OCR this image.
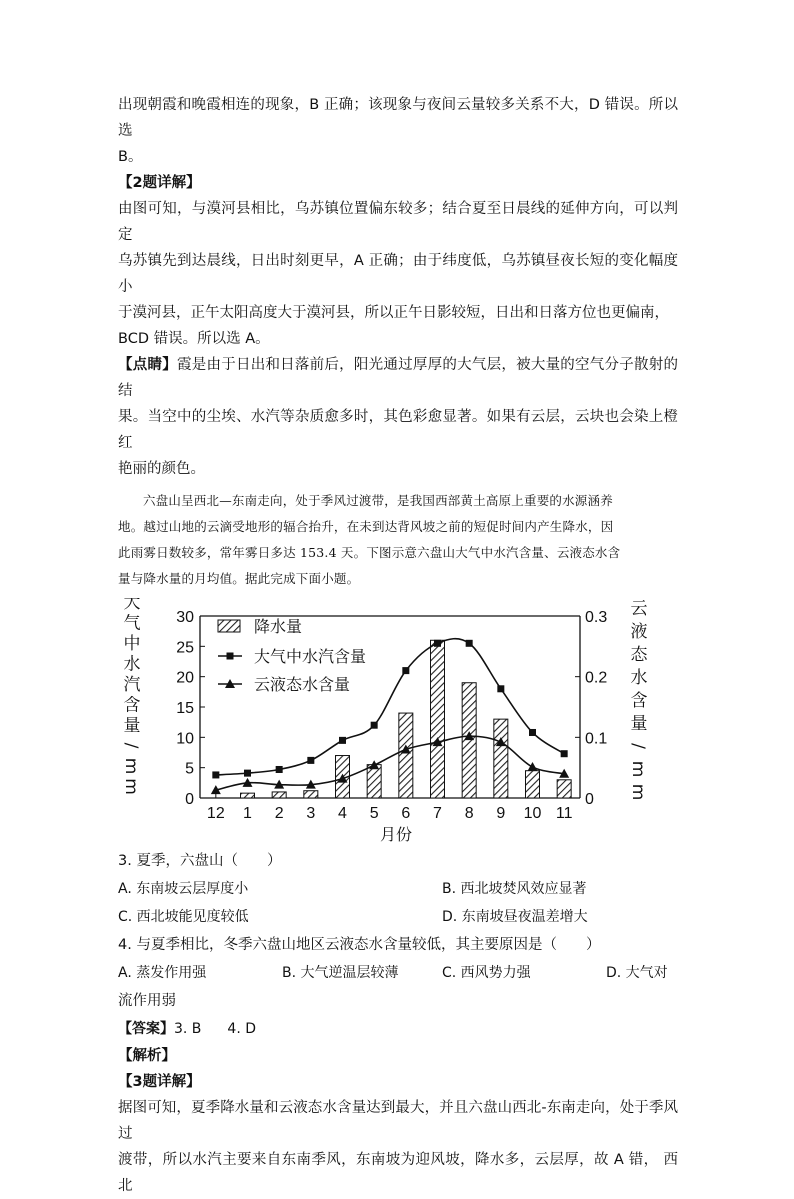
出现朝霞和晚霞相连的现象，B 正确；该现象与夜间云量较多关系不大，D 错误。所以选

B。

【2题详解】

由图可知，与漠河县相比，乌苏镇位置偏东较多；结合夏至日晨线的延伸方向，可以判定

乌苏镇先到达晨线，日出时刻更早，A 正确；由于纬度低，乌苏镇昼夜长短的变化幅度小

于漠河县，正午太阳高度大于漠河县，所以正午日影较短，日出和日落方位也更偏南，

BCD 错误。所以选 A。

【点睛】霞是由于日出和日落前后，阳光通过厚厚的大气层，被大量的空气分子散射的结

果。当空中的尘埃、水汽等杂质愈多时，其色彩愈显著。如果有云层，云块也会染上橙红

艳丽的颜色。

六盘山呈西北—东南走向，处于季风过渡带，是我国西部黄土高原上重要的水源涵养

地。越过山地的云滴受地形的辐合抬升，在未到达背风坡之前的短促时间内产生降水，因

此雨雾日数较多，常年雾日多达 153.4 天。下图示意六盘山大气中水汽含量、云液态水含

量与降水量的月均值。据此完成下面小题。

降水量
大气中水汽含量
云液态水含量
0
5
10
15
20
25
30
0
0.1
0.2
0.3
12 1 2 3 4 5 6 7 8 9 10 11
月份
大
气
中
水
汽
含
量
/
m
m
云
液
态
水
含
量
/
m
m

3. 夏季，六盘山（　　）

A. 东南坡云层厚度小	B. 西北坡焚风效应显著
C. 西北坡能见度较低	D. 东南坡昼夜温差增大

4. 与夏季相比，冬季六盘山地区云液态水含量较低，其主要原因是（　　）

A. 蒸发作用强	B. 大气逆温层较薄	C. 西风势力强	D. 大气对

流作用弱

【答案】3. B 4. D

【解析】

【3题详解】

据图可知，夏季降水量和云液态水含量达到最大，并且六盘山西北-东南走向，处于季风过

渡带，所以水汽主要来自东南季风，东南坡为迎风坡，降水多，云层厚，故 A 错， 西北
